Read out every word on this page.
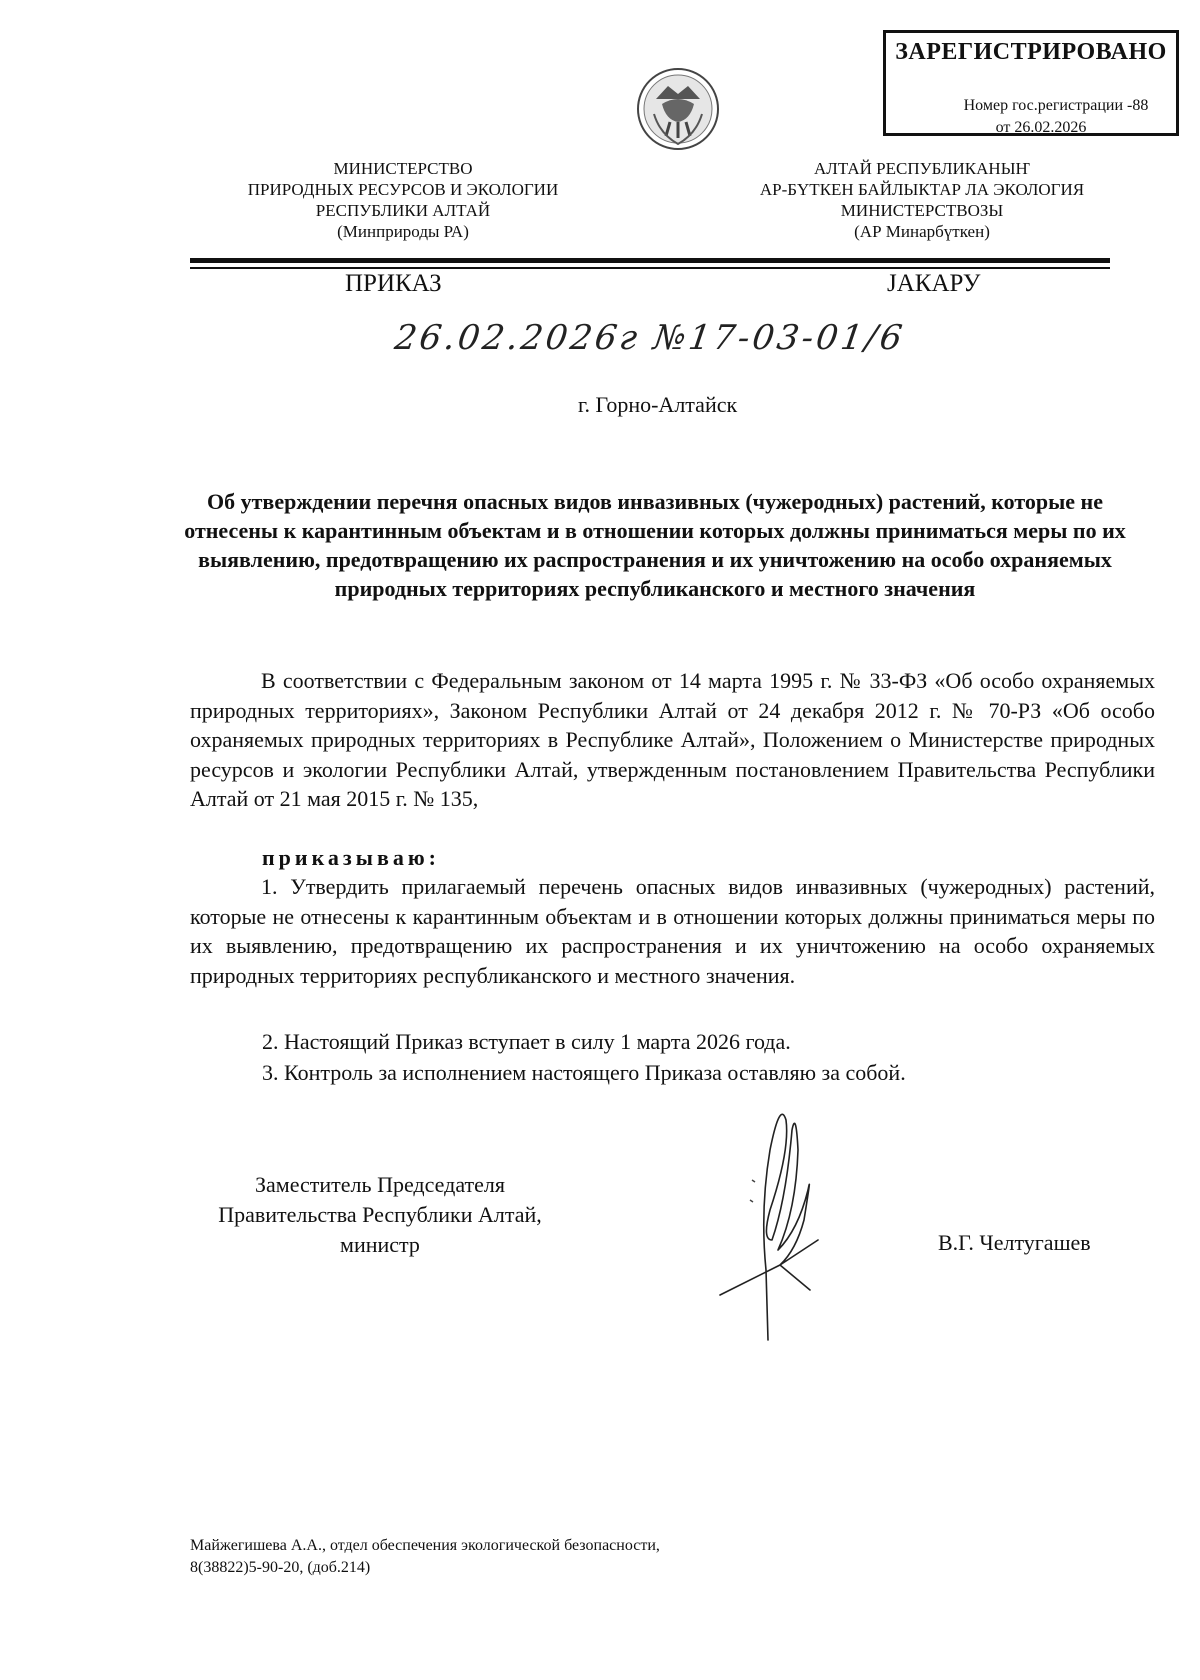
ЗАРЕГИСТРИРОВАНО
Номер гос.регистрации -88
от 26.02.2026
МИНИСТЕРСТВО
ПРИРОДНЫХ РЕСУРСОВ И ЭКОЛОГИИ
РЕСПУБЛИКИ АЛТАЙ
(Минприроды РА)
АЛТАЙ РЕСПУБЛИКАНЫҤ
АР-БҮТКЕН БАЙЛЫКТАР ЛА ЭКОЛОГИЯ
МИНИСТЕРСТВОЗЫ
(АР Минарбүткен)
ПРИКАЗ	ЈАКАРУ
26.02.2026г №17-03-01/6
г. Горно-Алтайск
Об утверждении перечня опасных видов инвазивных (чужеродных) растений, которые не отнесены к карантинным объектам и в отношении которых должны приниматься меры по их выявлению, предотвращению их распространения и их уничтожению на особо охраняемых природных территориях республиканского и местного значения
В соответствии с Федеральным законом от 14 марта 1995 г. № 33-ФЗ «Об особо охраняемых природных территориях», Законом Республики Алтай от 24 декабря 2012 г. № 70-РЗ «Об особо охраняемых природных территориях в Республике Алтай», Положением о Министерстве природных ресурсов и экологии Республики Алтай, утвержденным постановлением Правительства Республики Алтай от 21 мая 2015 г. № 135,
приказываю:
1. Утвердить прилагаемый перечень опасных видов инвазивных (чужеродных) растений, которые не отнесены к карантинным объектам и в отношении которых должны приниматься меры по их выявлению, предотвращению их распространения и их уничтожению на особо охраняемых природных территориях республиканского и местного значения.
2. Настоящий Приказ вступает в силу 1 марта 2026 года.
3. Контроль за исполнением настоящего Приказа оставляю за собой.
Заместитель Председателя
Правительства Республики Алтай,
министр	В.Г. Челтугашев
Майжегишева А.А., отдел обеспечения экологической безопасности,
8(38822)5-90-20, (доб.214)
